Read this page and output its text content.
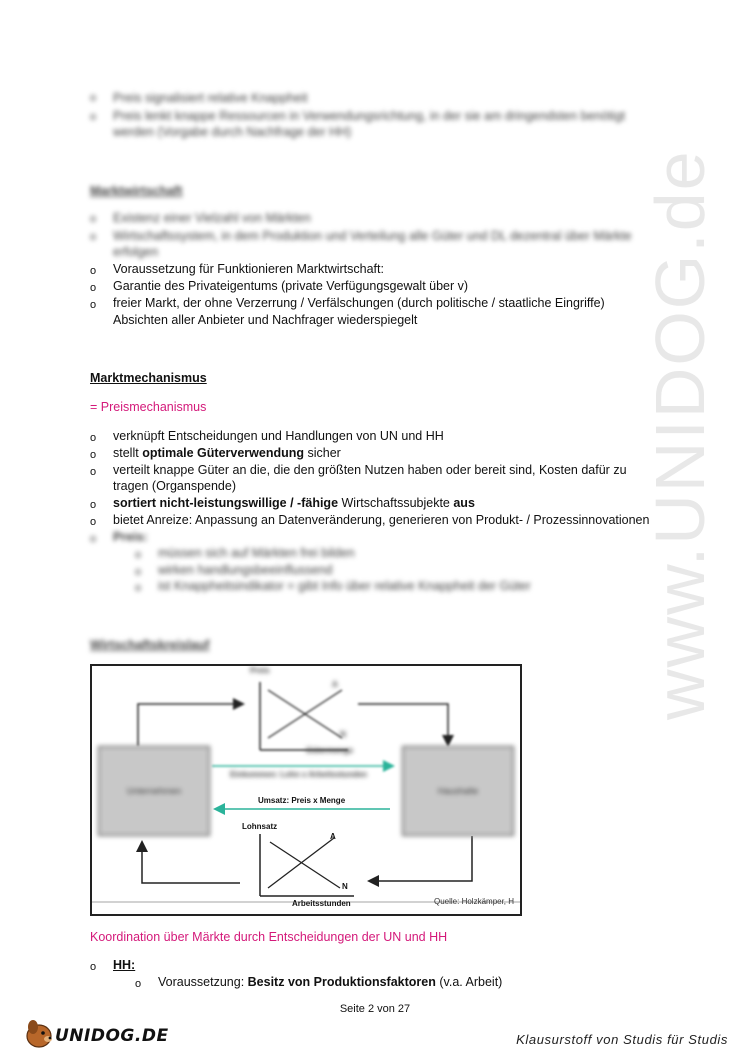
www.UNIDOG.de
o Preis signalisiert relative Knappheit
o Preis lenkt knappe Ressourcen in Verwendungsrichtung, in der sie am dringendsten benötigt
werden (Vorgabe durch Nachfrage der HH)
Marktwirtschaft
o Existenz einer Vielzahl von Märkten
o Wirtschaftssystem, in dem Produktion und Verteilung alle Güter und DL dezentral über Märkte
erfolgen
o Voraussetzung für Funktionieren Marktwirtschaft:
o Garantie des Privateigentums (private Verfügungsgewalt über v)
o freier Markt, der ohne Verzerrung / Verfälschungen (durch politische / staatliche Eingriffe)
Absichten aller Anbieter und Nachfrager wiederspiegelt
Marktmechanismus
= Preismechanismus
o verknüpft Entscheidungen und Handlungen von UN und HH
o stellt optimale Güterverwendung sicher
o verteilt knappe Güter an die, die den größten Nutzen haben oder bereit sind, Kosten dafür zu
tragen (Organspende)
o sortiert nicht-leistungswillige / -fähige Wirtschaftssubjekte aus
o bietet Anreize: Anpassung an Datenveränderung, generieren von Produkt- / Prozessinnovationen
o Preis:
o müssen sich auf Märkten frei bilden
o wirken handlungsbeeinflussend
o ist Knappheitsindikator = gibt Info über relative Knappheit der Güter
Wirtschaftskreislauf
Preis
Gütermenge
N
A
Unternehmen	Haushalte
Einkommen: Lohn x Arbeitsstunden
Umsatz: Preis x Menge
Lohnsatz
A
N
Arbeitsstunden	Quelle: Holzkämper, H
Koordination über Märkte durch Entscheidungen der UN und HH
o HH:
o Voraussetzung: Besitz von Produktionsfaktoren (v.a. Arbeit)
Seite 2 von 27
UNIDOG.DE	Klausurstoff von Studis für Studis
